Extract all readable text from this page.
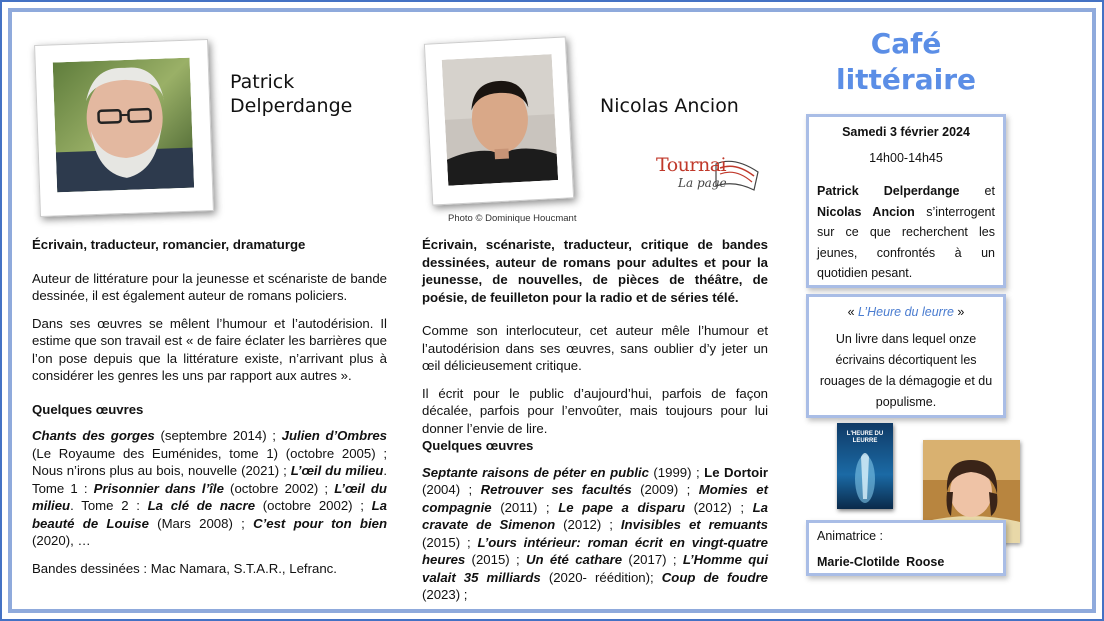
Patrick
Delperdange
Écrivain, traducteur, romancier, dramaturge

Auteur de littérature pour la jeunesse et scénariste de bande dessinée, il est également auteur de romans policiers.

Dans ses œuvres se mêlent l’humour et l’autodérision. Il estime que son travail est « de faire éclater les barrières que l’on pose depuis que la littérature existe, n’arrivant plus à considérer les genres les uns par rapport aux autres ».

Quelques œuvres

Chants des gorges (septembre 2014) ; Julien d’Ombres (Le Royaume des Euménides, tome 1) (octobre 2005) ; Nous n’irons plus au bois, nouvelle (2021) ; L’œil du milieu. Tome 1 : Prisonnier dans l’île (octobre 2002) ; L’œil du milieu. Tome 2 : La clé de nacre (octobre 2002) ; La beauté de Louise (Mars 2008) ; C’est pour ton bien (2020), …

Bandes dessinées : Mac Namara, S.T.A.R., Lefranc.

Nicolas Ancion
Photo © Dominique Houcmant
Tournai
La page
Écrivain, scénariste, traducteur, critique de bandes dessinées, auteur de romans pour adultes et pour la jeunesse, de nouvelles, de pièces de théâtre, de poésie, de feuilleton pour la radio et de séries télé.

Comme son interlocuteur, cet auteur mêle l’humour et l’autodérision dans ses œuvres, sans oublier d’y jeter un œil délicieusement critique.

Il écrit pour le public d’aujourd’hui, parfois de façon décalée, parfois pour l’envoûter, mais toujours pour lui donner l’envie de lire.

Quelques œuvres

Septante raisons de péter en public (1999) ; Le Dortoir (2004) ; Retrouver ses facultés (2009) ; Momies et compagnie (2011) ; Le pape a disparu (2012) ; La cravate de Simenon (2012) ; Invisibles et remuants (2015) ; L’ours intérieur: roman écrit en vingt-quatre heures (2015) ; Un été cathare (2017) ; L’Homme qui valait 35 milliards (2020- réédition); Coup de foudre (2023) ;

Café
littéraire
Samedi 3 février 2024
14h00-14h45

Patrick Delperdange et Nicolas Ancion s’interrogent sur ce que recherchent les jeunes, confrontés à un quotidien pesant.

« L’Heure du leurre »

Un livre dans lequel onze écrivains décortiquent les rouages de la démagogie et du populisme.

L'HEURE DU LEURRE
Animatrice :
Marie-Clotilde Roose
